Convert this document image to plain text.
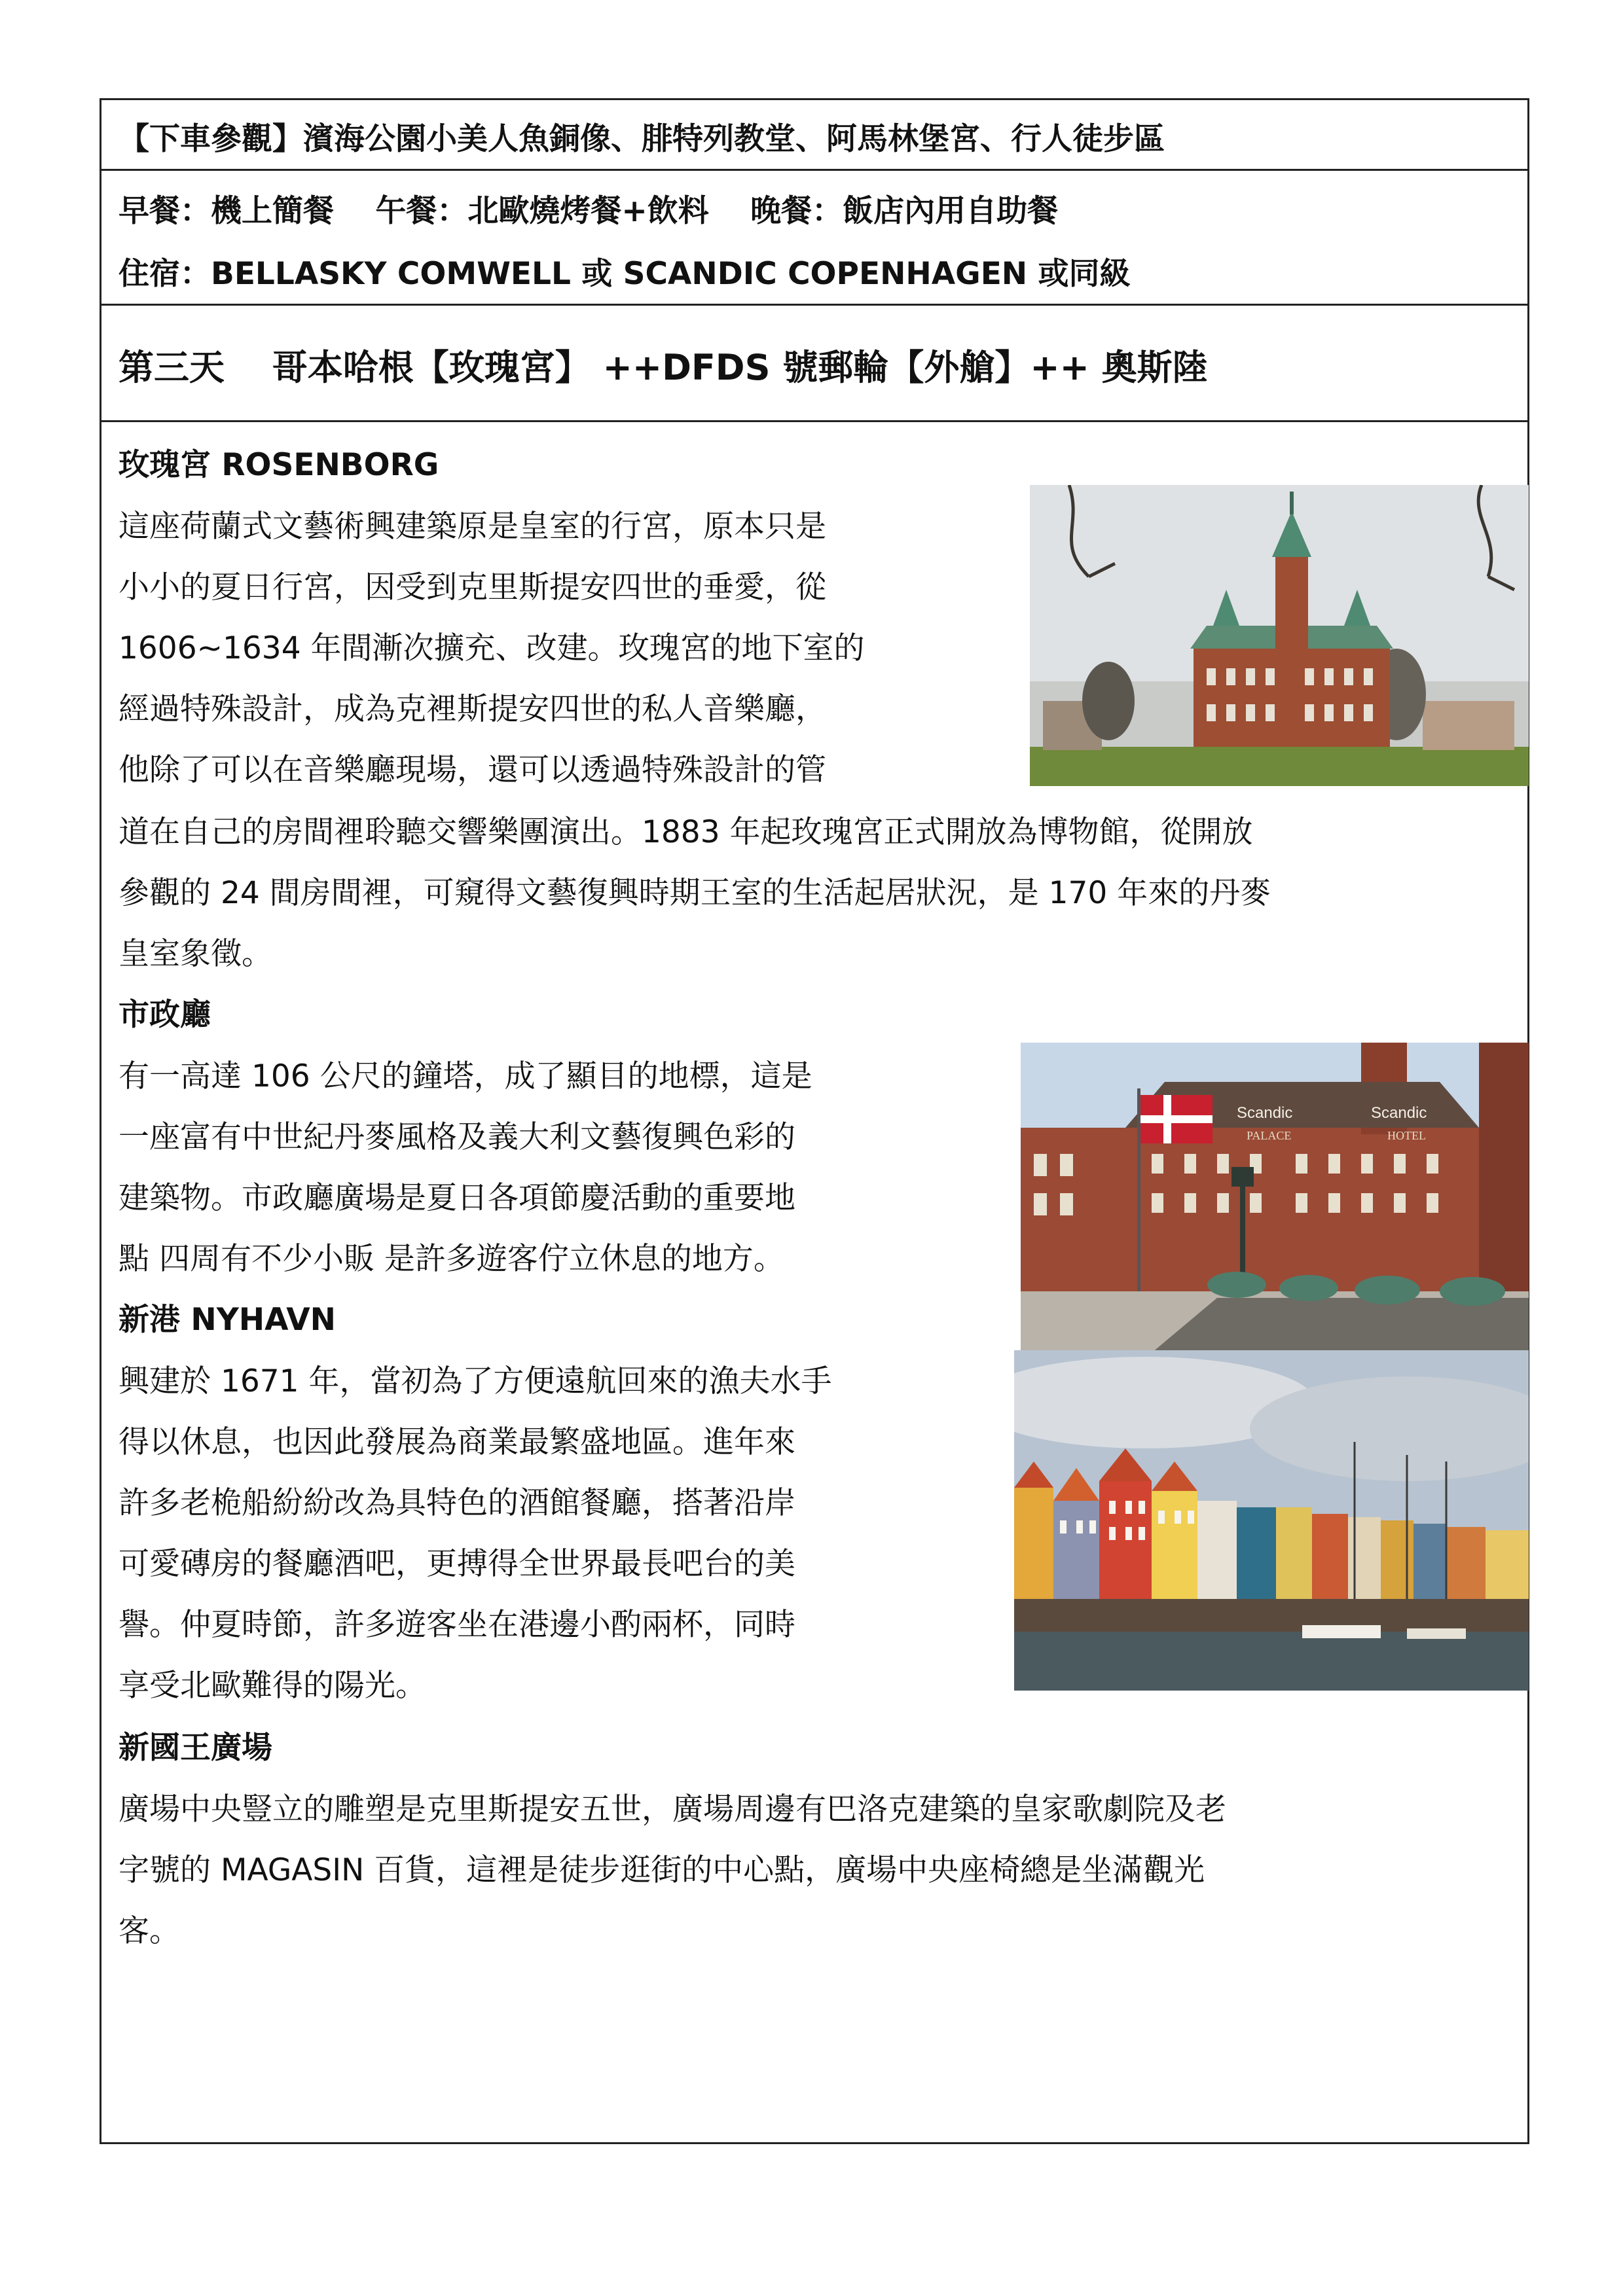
【下車參觀】濱海公園小美人魚銅像、腓特列教堂、阿馬林堡宮、行人徒步區
早餐：機上簡餐　 午餐：北歐燒烤餐+飲料　 晚餐：飯店內用自助餐
住宿：BELLASKY COMWELL 或 SCANDIC COPENHAGEN 或同級
第三天　 哥本哈根【玫瑰宮】 ++DFDS 號郵輪【外艙】++ 奧斯陸
玫瑰宮 ROSENBORG
這座荷蘭式文藝術興建築原是皇室的行宮，原本只是
小小的夏日行宮，因受到克里斯提安四世的垂愛，從
1606~1634 年間漸次擴充、改建。玫瑰宮的地下室的
經過特殊設計，成為克裡斯提安四世的私人音樂廳，
他除了可以在音樂廳現場，還可以透過特殊設計的管
道在自己的房間裡聆聽交響樂團演出。1883 年起玫瑰宮正式開放為博物館，從開放
參觀的 24 間房間裡，可窺得文藝復興時期王室的生活起居狀況，是 170 年來的丹麥
皇室象徵。
市政廳
有一高達 106 公尺的鐘塔，成了顯目的地標，這是
一座富有中世紀丹麥風格及義大利文藝復興色彩的
建築物。市政廳廣場是夏日各項節慶活動的重要地
點 四周有不少小販 是許多遊客佇立休息的地方。
Scandic	Scandic
PALACE	HOTEL
新港 NYHAVN
興建於 1671 年，當初為了方便遠航回來的漁夫水手
得以休息，也因此發展為商業最繁盛地區。進年來
許多老桅船紛紛改為具特色的酒館餐廳，搭著沿岸
可愛磚房的餐廳酒吧，更搏得全世界最長吧台的美
譽。仲夏時節，許多遊客坐在港邊小酌兩杯，同時
享受北歐難得的陽光。
新國王廣場
廣場中央豎立的雕塑是克里斯提安五世，廣場周邊有巴洛克建築的皇家歌劇院及老
字號的 MAGASIN 百貨，這裡是徒步逛街的中心點，廣場中央座椅總是坐滿觀光
客。
